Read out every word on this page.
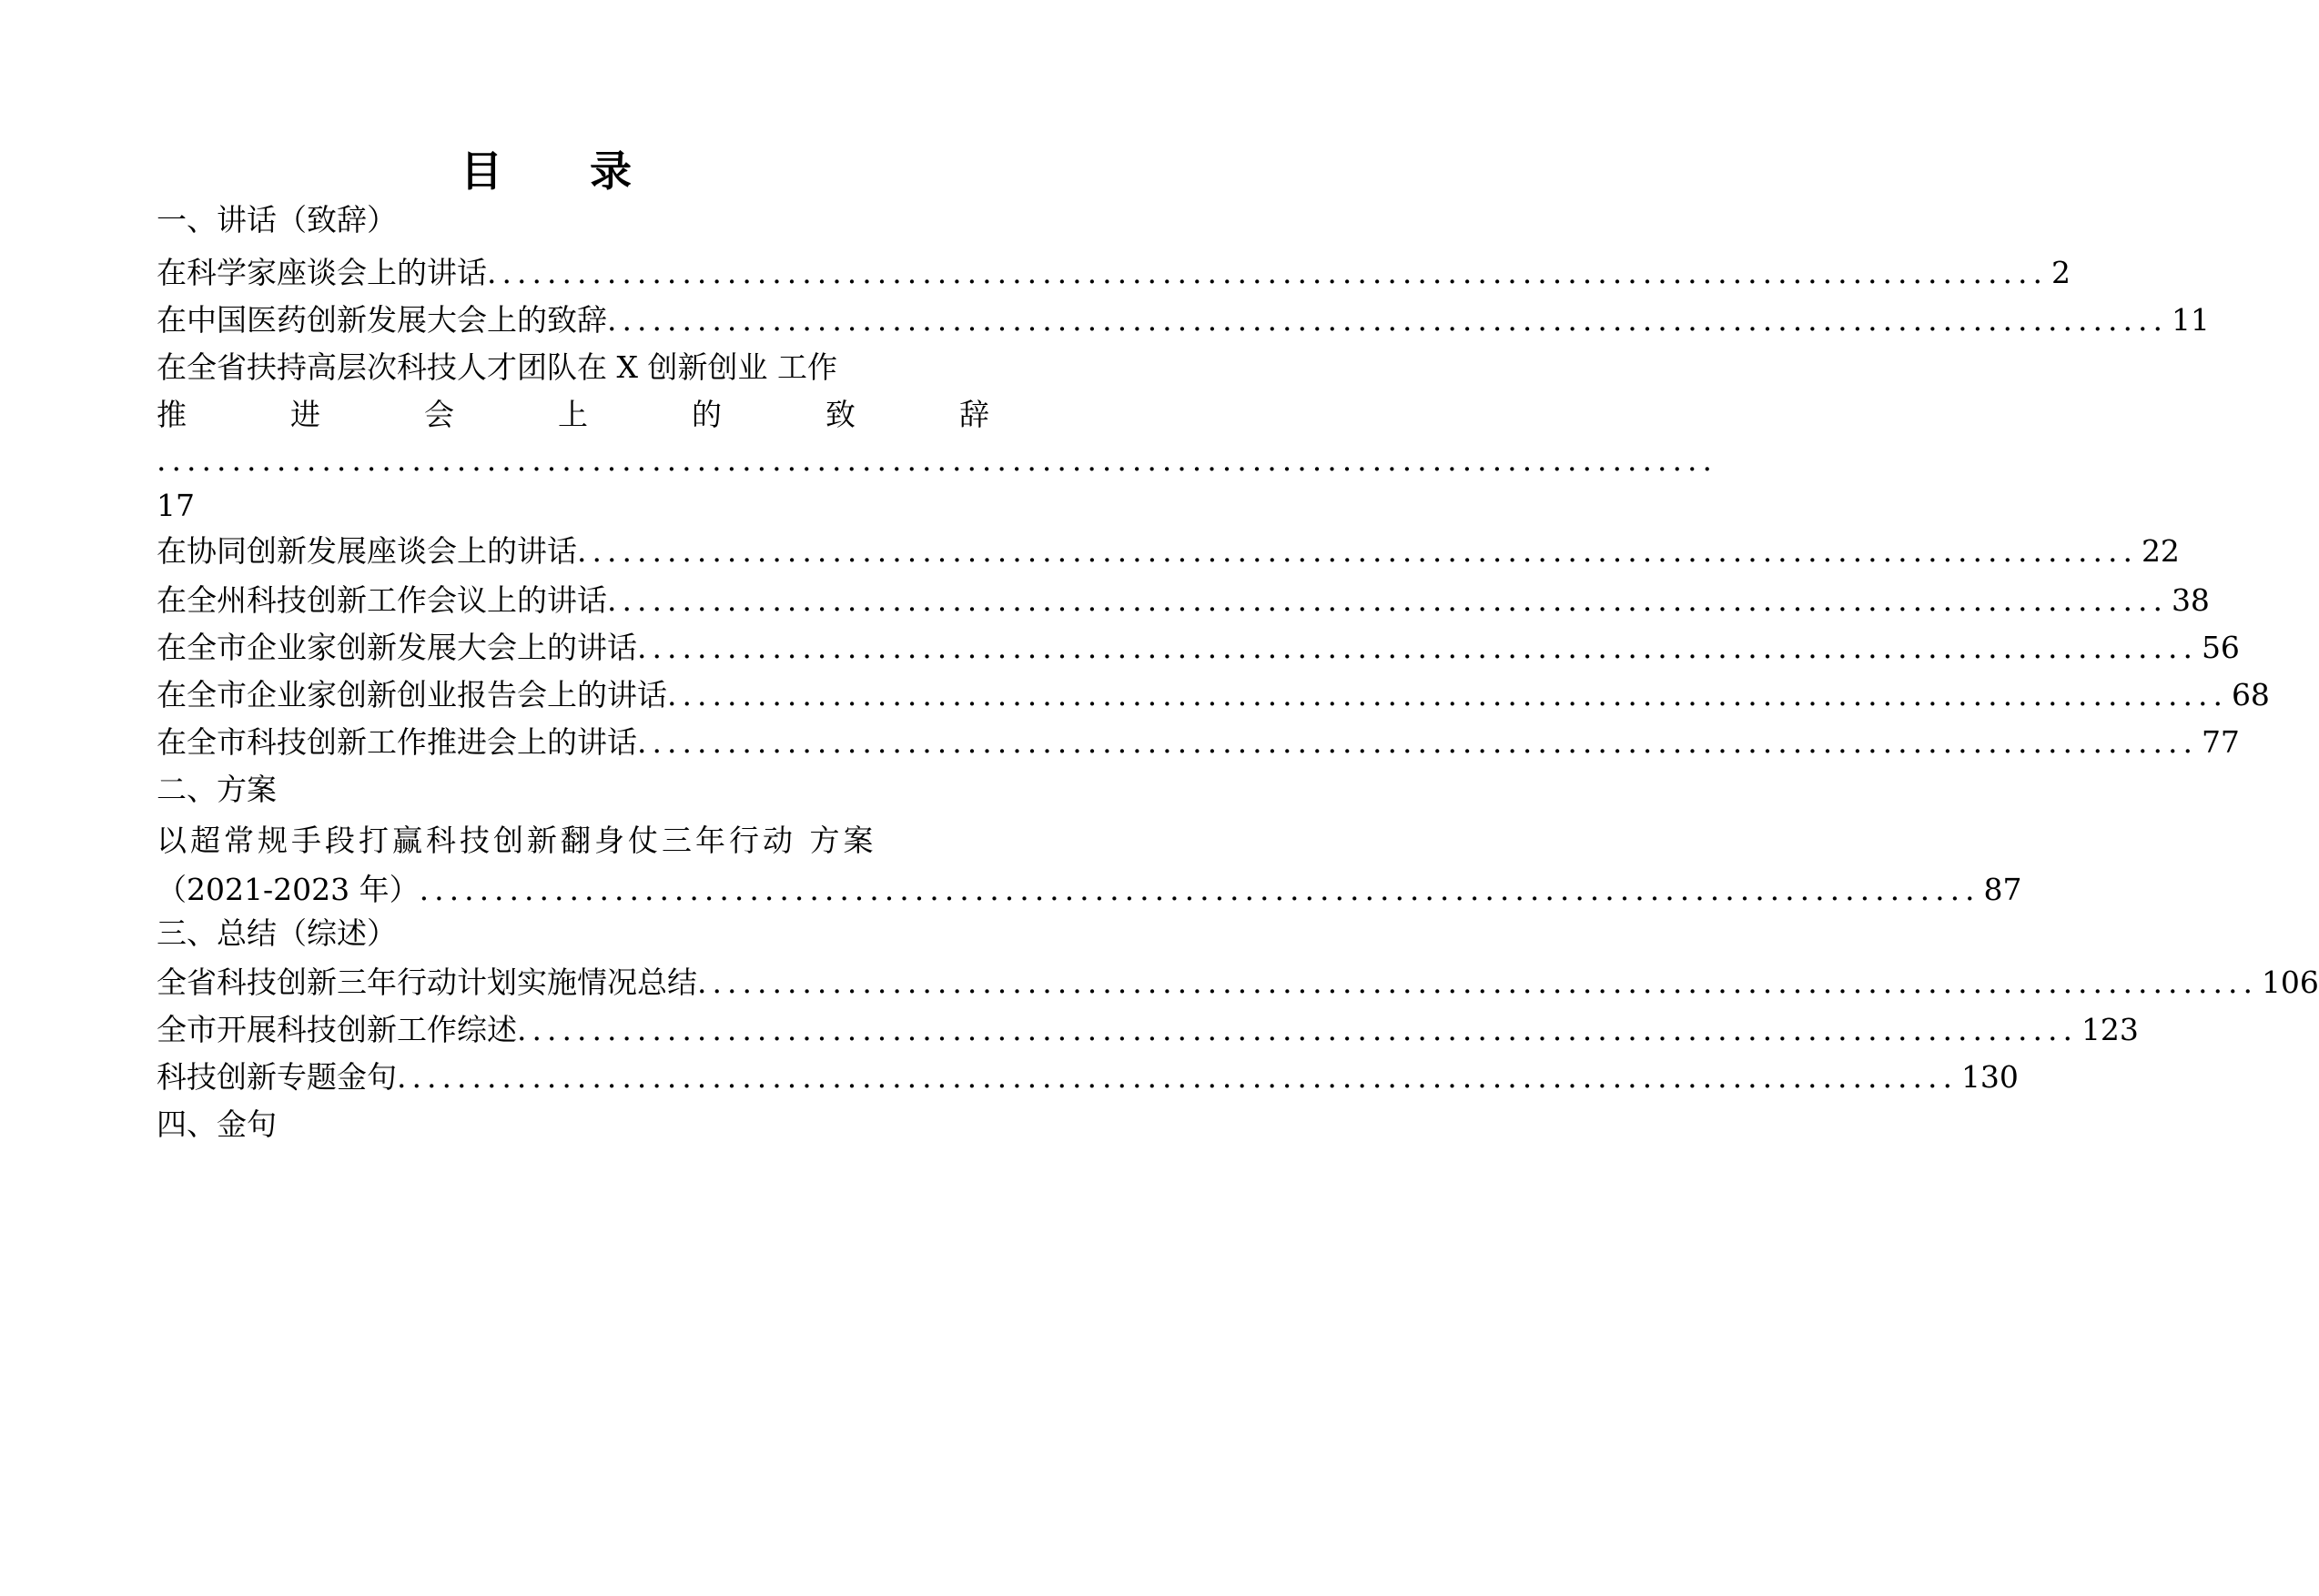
目 录
一、讲话（致辞）
在科学家座谈会上的讲话 ........................................................................................................ 2
在中国医药创新发展大会上的致辞 ........................................................................................................ 11
在全省扶持高层次科技人才团队在 X 创新创业 工作
推	进	会	上	的	致	辞
........................................................................................................
17
在协同创新发展座谈会上的讲话 ........................................................................................................ 22
在全州科技创新工作会议上的讲话 ........................................................................................................ 38
在全市企业家创新发展大会上的讲话 ........................................................................................................ 56
在全市企业家创新创业报告会上的讲话 ........................................................................................................ 68
在全市科技创新工作推进会上的讲话 ........................................................................................................ 77
二、方案
以超常规手段打赢科技创新翻身仗三年行动 方案
（2021-2023 年） ........................................................................................................ 87
三、总结（综述）
全省科技创新三年行动计划实施情况总结 ........................................................................................................ 106
全市开展科技创新工作综述 ........................................................................................................ 123
科技创新专题金句 ........................................................................................................ 130
四、金句
